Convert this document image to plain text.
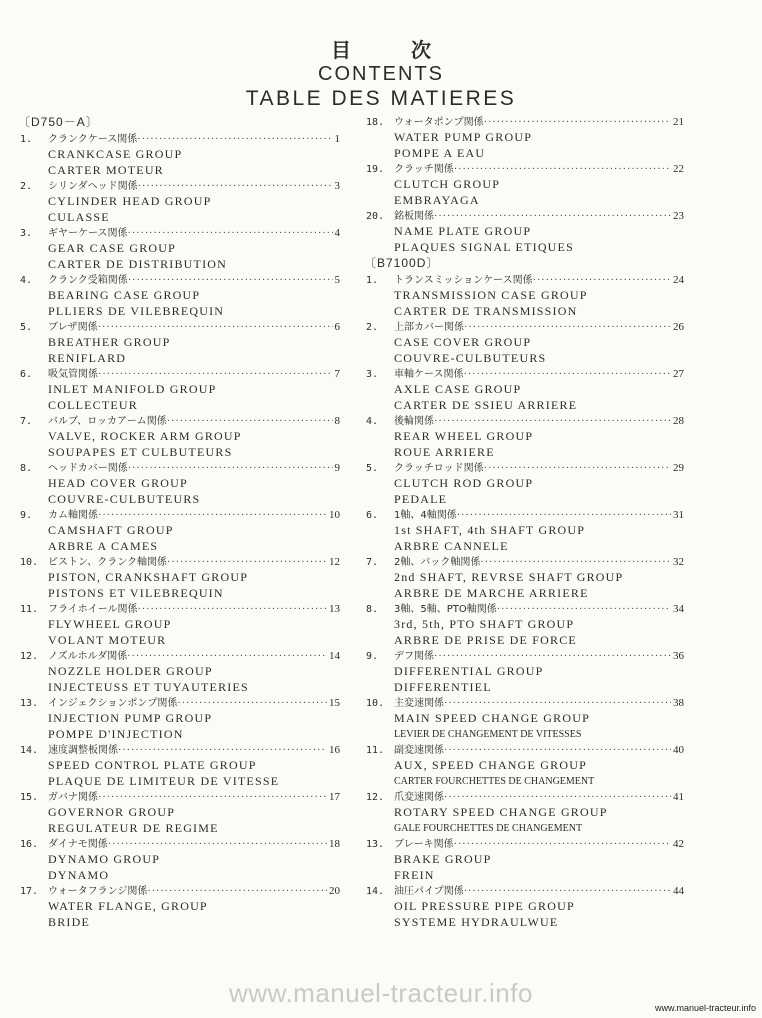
目次
CONTENTS
TABLE DES MATIERES
〔D750－A〕
1.	クランクケース関係 ·····	1
CRANKCASE GROUP
CARTER MOTEUR
2.	シリンダヘッド関係 ·····	3
CYLINDER HEAD GROUP
CULASSE
3.	ギヤーケース関係 ·····	4
GEAR CASE GROUP
CARTER DE DISTRIBUTION
4.	クランク受箱関係 ·····	5
BEARING CASE GROUP
PLLIERS DE VILEBREQUIN
5.	ブレザ関係 ·····	6
BREATHER GROUP
RENIFLARD
6.	吸気管関係 ·····	7
INLET MANIFOLD GROUP
COLLECTEUR
7.	バルブ、ロッカアーム関係 ·····	8
VALVE, ROCKER ARM GROUP
SOUPAPES ET CULBUTEURS
8.	ヘッドカバー関係 ·····	9
HEAD COVER GROUP
COUVRE-CULBUTEURS
9.	カム軸関係 ·····	10
CAMSHAFT GROUP
ARBRE A CAMES
10. ピストン、クランク軸関係 ·····	12
PISTON, CRANKSHAFT GROUP
PISTONS ET VILEBREQUIN
11. フライホイール関係 ·····	13
FLYWHEEL GROUP
VOLANT MOTEUR
12. ノズルホルダ関係 ·····	14
NOZZLE HOLDER GROUP
INJECTEUSS ET TUYAUTERIES
13. インジェクションポンプ関係 ·····	15
INJECTION PUMP GROUP
POMPE D'INJECTION
14. 速度調整板関係 ·····	16
SPEED CONTROL PLATE GROUP
PLAQUE DE LIMITEUR DE VITESSE
15. ガバナ関係 ·····	17
GOVERNOR GROUP
REGULATEUR DE REGIME
16. ダイナモ関係 ·····	18
DYNAMO GROUP
DYNAMO
17. ウォータフランジ関係 ·····	20
WATER FLANGE, GROUP
BRIDE
18. ウォータポンプ関係 ·····	21
WATER PUMP GROUP
POMPE A EAU
19. クラッチ関係 ·····	22
CLUTCH GROUP
EMBRAYAGA
20. 銘板関係 ·····	23
NAME PLATE GROUP
PLAQUES SIGNAL ETIQUES
〔B7100D〕
1.	トランスミッションケース関係 ·····	24
TRANSMISSION CASE GROUP
CARTER DE TRANSMISSION
2.	上部カバー関係 ·····	26
CASE COVER GROUP
COUVRE-CULBUTEURS
3.	車軸ケース関係 ·····	27
AXLE CASE GROUP
CARTER DE SSIEU ARRIERE
4.	後輪関係 ·····	28
REAR WHEEL GROUP
ROUE ARRIERE
5.	クラッチロッド関係 ·····	29
CLUTCH ROD GROUP
PEDALE
6.	1軸、4軸関係 ·····	31
1st SHAFT, 4th SHAFT GROUP
ARBRE CANNELE
7.	2軸、バック軸関係 ·····	32
2nd SHAFT, REVRSE SHAFT GROUP
ARBRE DE MARCHE ARRIERE
8.	3軸、5軸、PTO軸関係 ·····	34
3rd, 5th, PTO SHAFT GROUP
ARBRE DE PRISE DE FORCE
9.	デフ関係 ·····	36
DIFFERENTIAL GROUP
DIFFERENTIEL
10. 主変速関係 ·····	38
MAIN SPEED CHANGE GROUP
LEVIER DE CHANGEMENT DE VITESSES
11. 副変速関係 ·····	40
AUX, SPEED CHANGE GROUP
CARTER FOURCHETTES DE CHANGEMENT
12. 爪変速関係 ·····	41
ROTARY SPEED CHANGE GROUP
GALE FOURCHETTES DE CHANGEMENT
13. ブレーキ関係 ·····	42
BRAKE GROUP
FREIN
14. 油圧パイプ関係 ·····	44
OIL PRESSURE PIPE GROUP
SYSTEME HYDRAULWUE
www.manuel-tracteur.info	www.manuel-tracteur.info
